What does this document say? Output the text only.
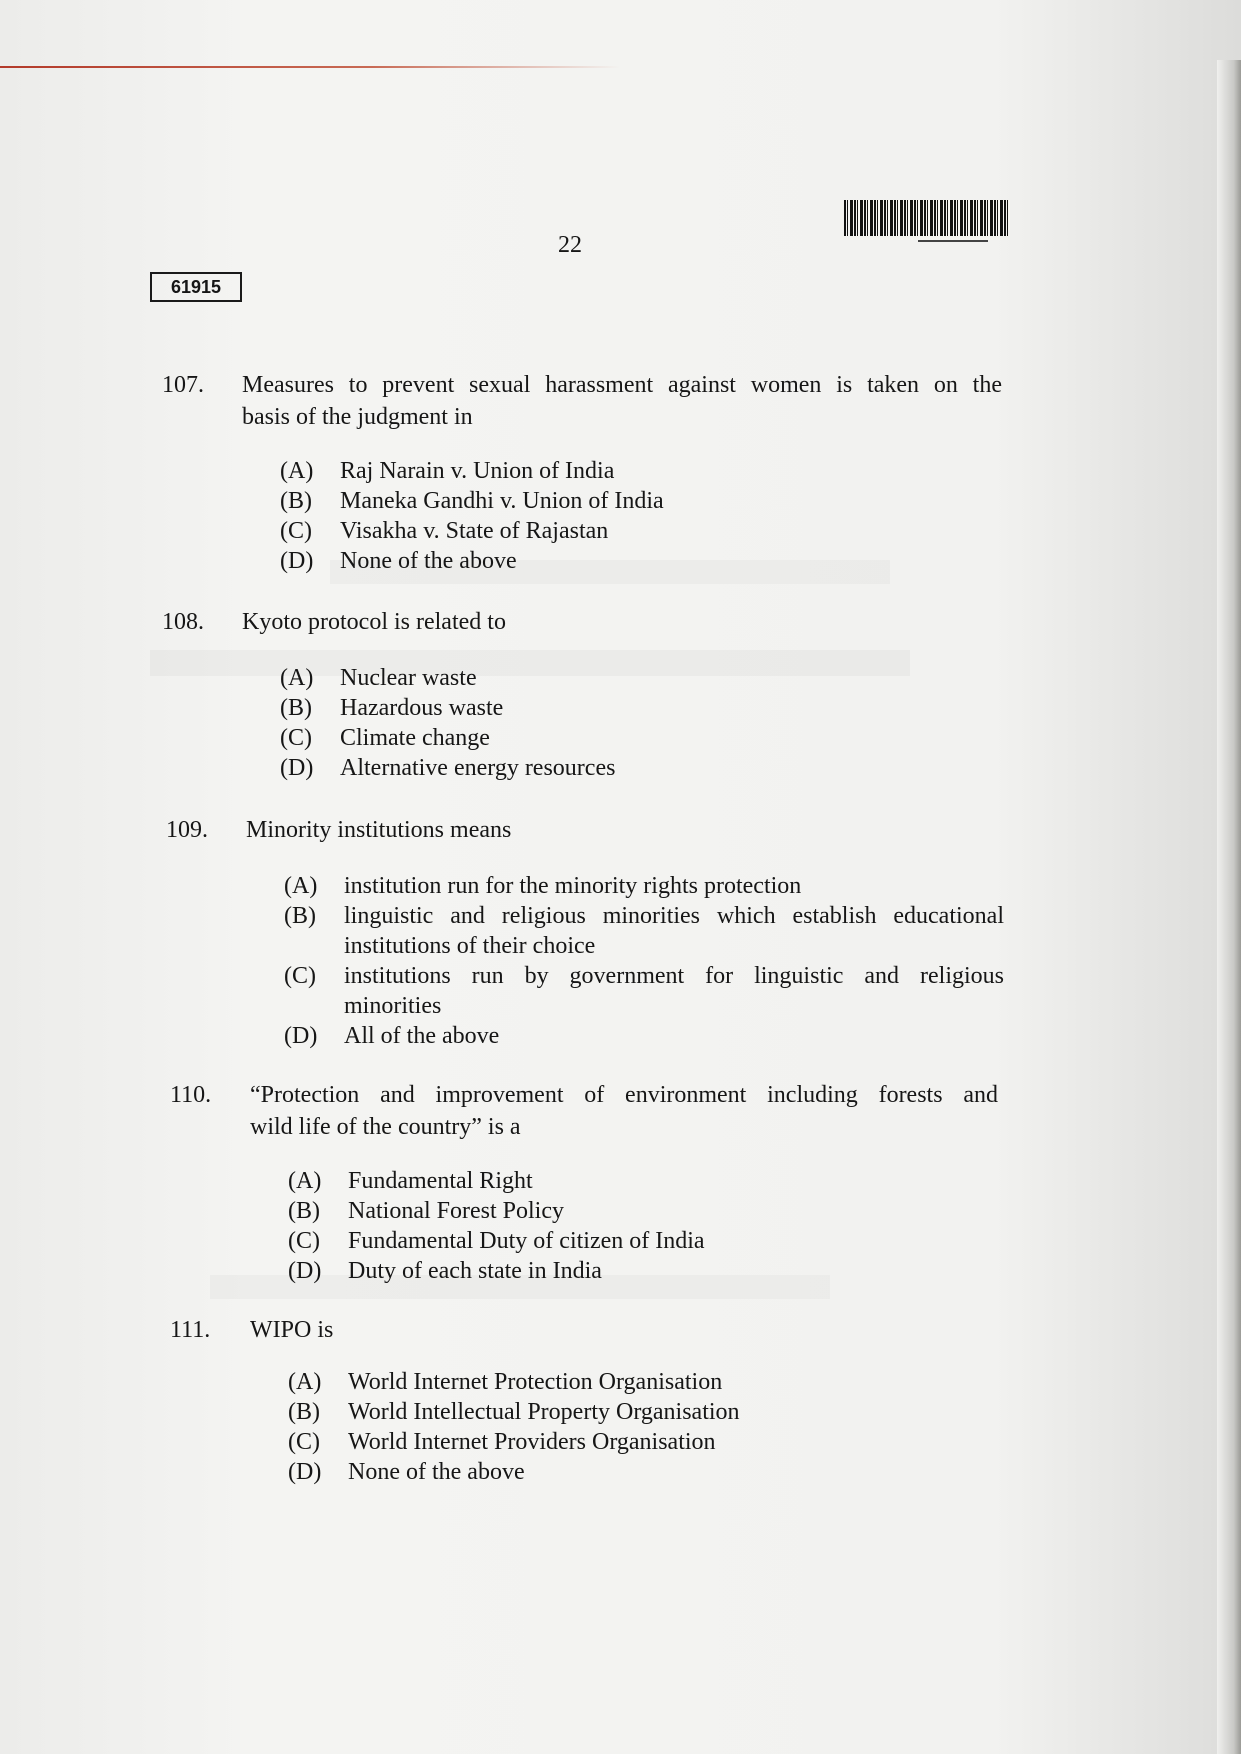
22
61915
107. Measures to prevent sexual harassment against women is taken on the
basis of the judgment in
(A) Raj Narain v. Union of India
(B) Maneka Gandhi v. Union of India
(C) Visakha v. State of Rajastan
(D) None of the above
108. Kyoto protocol is related to
(A) Nuclear waste
(B) Hazardous waste
(C) Climate change
(D) Alternative energy resources
109. Minority institutions means
(A) institution run for the minority rights protection
(B) linguistic and religious minorities which establish educational
institutions of their choice
(C) institutions run by government for linguistic and religious
minorities
(D) All of the above
110. “Protection and improvement of environment including forests and
wild life of the country” is a
(A) Fundamental Right
(B) National Forest Policy
(C) Fundamental Duty of citizen of India
(D) Duty of each state in India
111. WIPO is
(A) World Internet Protection Organisation
(B) World Intellectual Property Organisation
(C) World Internet Providers Organisation
(D) None of the above
